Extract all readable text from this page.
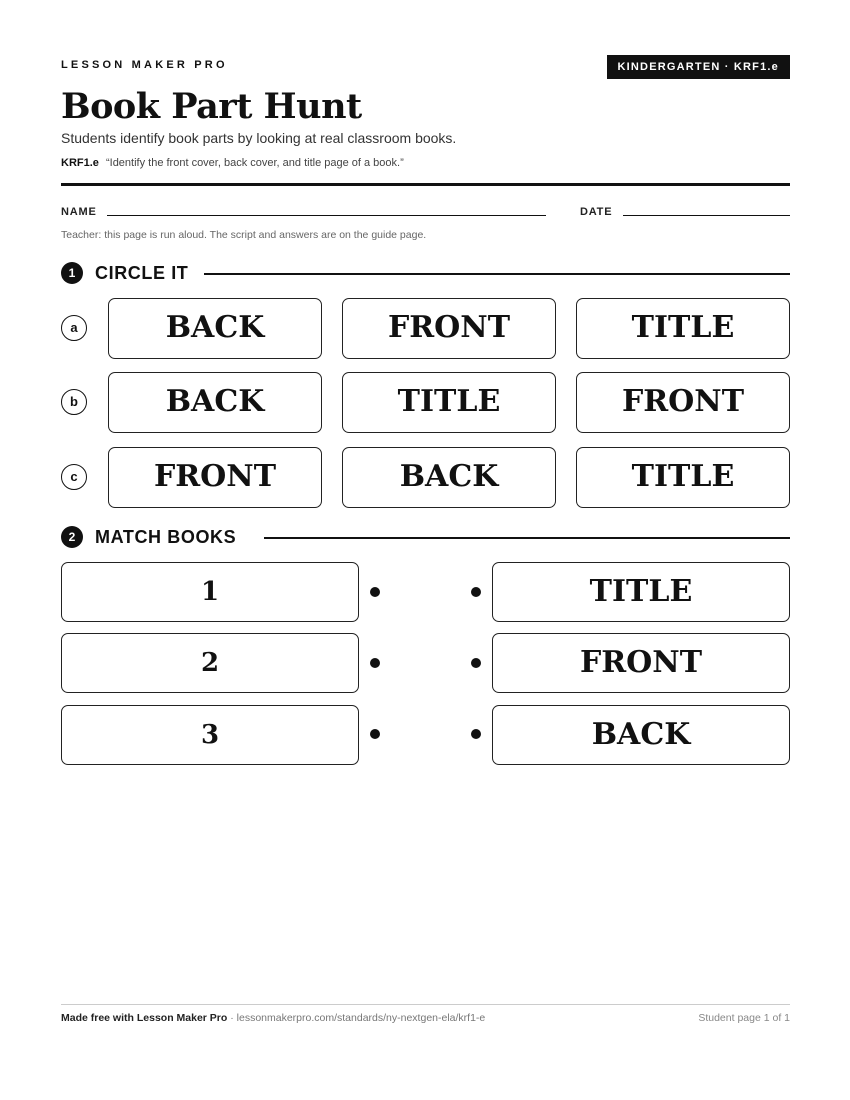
LESSON MAKER PRO	KINDERGARTEN · KRF1.e
Book Part Hunt
Students identify book parts by looking at real classroom books.
KRF1.e “Identify the front cover, back cover, and title page of a book.”
NAME	DATE
Teacher: this page is run aloud. The script and answers are on the guide page.
1	CIRCLE IT
a	BACK	FRONT	TITLE
b	BACK	TITLE	FRONT
c	FRONT	BACK	TITLE
2	MATCH BOOKS
1	TITLE
2	FRONT
3	BACK
Made free with Lesson Maker Pro · lessonmakerpro.com/standards/ny-nextgen-ela/krf1-e	Student page 1 of 1
